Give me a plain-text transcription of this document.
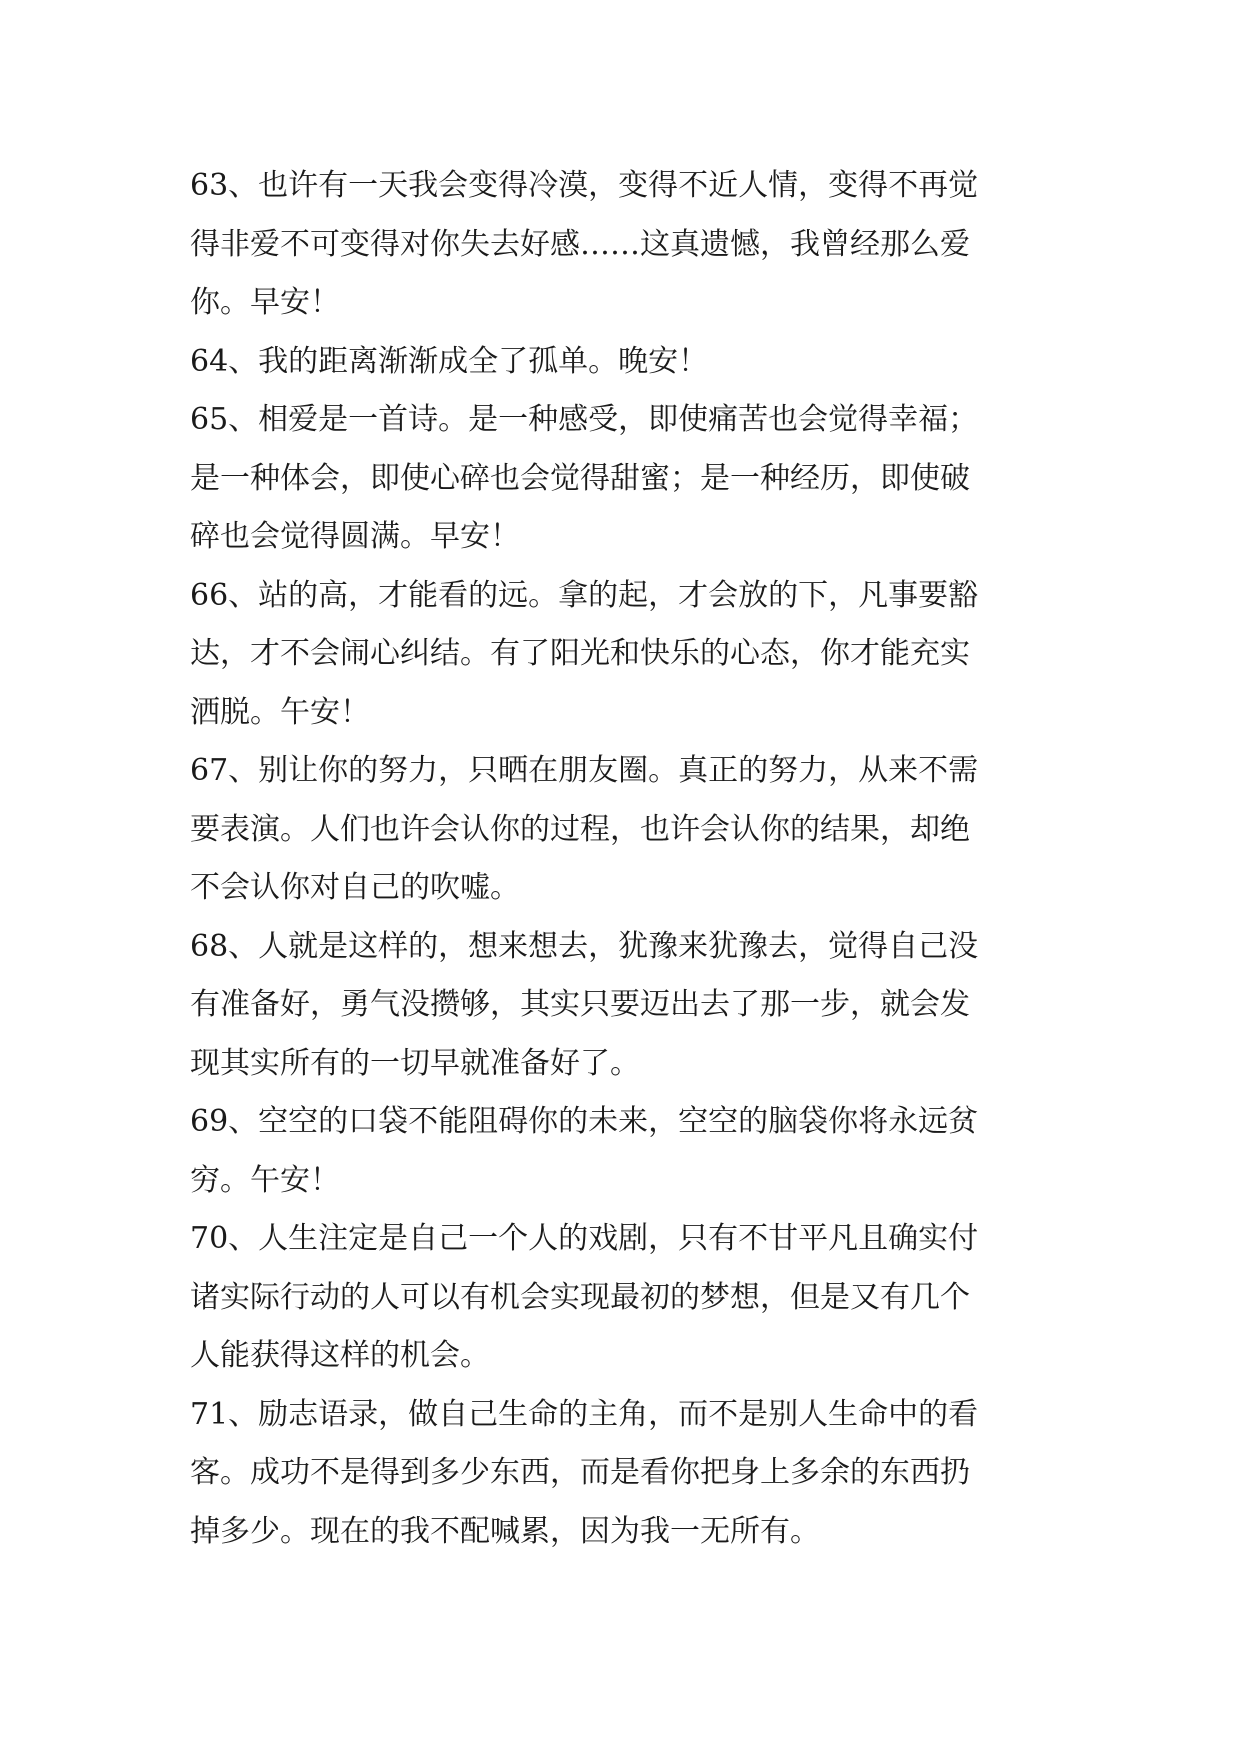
63、也许有一天我会变得冷漠，变得不近人情，变得不再觉
得非爱不可变得对你失去好感……这真遗憾，我曾经那么爱
你。早安！

64、我的距离渐渐成全了孤单。晚安！

65、相爱是一首诗。是一种感受，即使痛苦也会觉得幸福；
是一种体会，即使心碎也会觉得甜蜜；是一种经历，即使破
碎也会觉得圆满。早安！

66、站的高，才能看的远。拿的起，才会放的下，凡事要豁
达，才不会闹心纠结。有了阳光和快乐的心态，你才能充实
洒脱。午安！

67、别让你的努力，只晒在朋友圈。真正的努力，从来不需
要表演。人们也许会认你的过程，也许会认你的结果，却绝
不会认你对自己的吹嘘。

68、人就是这样的，想来想去，犹豫来犹豫去，觉得自己没
有准备好，勇气没攒够，其实只要迈出去了那一步，就会发
现其实所有的一切早就准备好了。

69、空空的口袋不能阻碍你的未来，空空的脑袋你将永远贫
穷。午安！

70、人生注定是自己一个人的戏剧，只有不甘平凡且确实付
诸实际行动的人可以有机会实现最初的梦想，但是又有几个
人能获得这样的机会。

71、励志语录，做自己生命的主角，而不是别人生命中的看
客。成功不是得到多少东西，而是看你把身上多余的东西扔
掉多少。现在的我不配喊累，因为我一无所有。
